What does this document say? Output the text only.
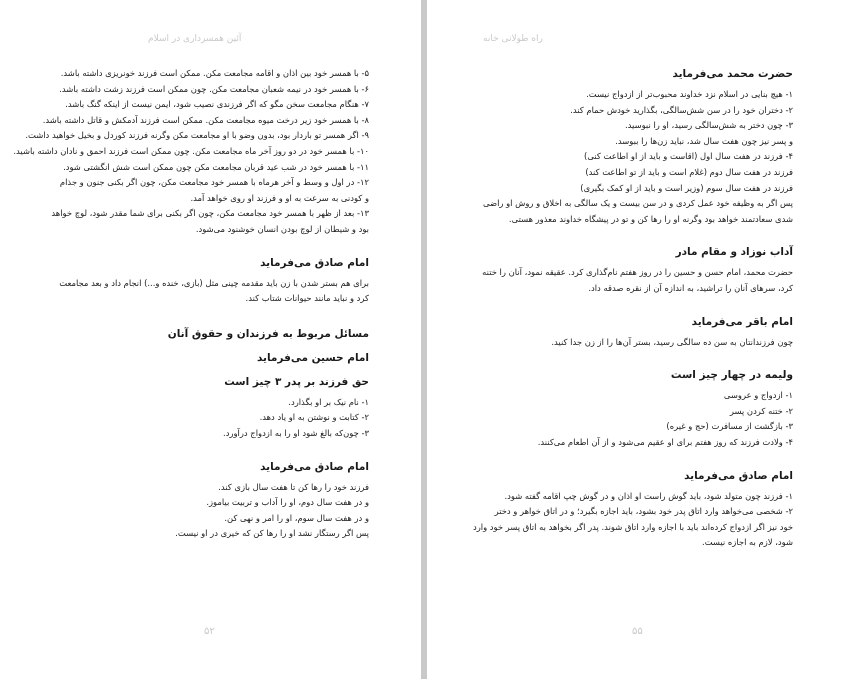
آئین همسرداری در اسلام
۵۲

۵- با همسر خود بین اذان و اقامه مجامعت مکن. ممکن است فرزند خونریزی داشته باشد.

۶- با همسر خود در نیمه شعبان مجامعت مکن. چون ممکن است فرزند زشت داشته باشد.

۷- هنگام مجامعت سخن مگو که اگر فرزندی نصیب شود، ایمن نیست از اینکه گنگ باشد.

۸- با همسر خود زیر درخت میوه مجامعت مکن. ممکن است فرزند آدمکش و قاتل داشته باشد.

۹- اگر همسر تو باردار بود، بدون وضو با او مجامعت مکن وگرنه فرزند کوردل و بخیل خواهید داشت.

۱۰- با همسر خود در دو روز آخر ماه مجامعت مکن. چون ممکن است فرزند احمق و نادان داشته باشید.

۱۱- با همسر خود در شب عید قربان مجامعت مکن چون ممکن است شش انگشتی شود.

۱۲- در اول و وسط و آخر هرماه با همسر خود مجامعت مکن، چون اگر بکنی جنون و جذام

و کودنی به سرعت به او و فرزند او روی خواهد آمد.

۱۳- بعد از ظهر با همسر خود مجامعت مکن، چون اگر بکنی برای شما مقدر شود، لوچ خواهد

بود و شیطان از لوچ بودن انسان خوشنود می‌شود.

امام صادق می‌فرماید

برای هم بستر شدن با زن باید مقدمه چینی مثل (بازی، خنده و...) انجام داد و بعد مجامعت

کرد و نباید مانند حیوانات شتاب کند.

مسائل مربوط به فرزندان و حقوق آنان

امام حسین می‌فرماید

حق فرزند بر پدر ۳ چیز است

۱- نام نیک بر او بگذارد.

۲- کتابت و نوشتن به او یاد دهد.

۳- چون‌که بالغ شود او را به ازدواج درآورد.

امام صادق می‌فرماید

فرزند خود را رها کن تا هفت سال بازی کند.

و در هفت سال دوم، او را آداب و تربیت بیاموز.

و در هفت سال سوم، او را امر و نهی کن.

پس اگر رستگار نشد او را رها کن که خیری در او نیست.

راه طولانی خانه
۵۵

حضرت محمد می‌فرماید

۱- هیچ بنایی در اسلام نزد خداوند محبوب‌تر از ازدواج نیست.

۲- دختران خود را در سن شش‌سالگی، بگذارید خودش حمام کند.

۳- چون دختر به شش‌سالگی رسید، او را نبوسید.

و پسر نیز چون هفت سال شد، نباید زن‌ها را ببوسد.

۴- فرزند در هفت سال اول (اقاست و باید از او اطاعت کنی)

فرزند در هفت سال دوم (غلام است و باید از تو اطاعت کند)

فرزند در هفت سال سوم (وزیر است و باید از او کمک بگیری)

پس اگر به وظیفه خود عمل کردی و در سن بیست و یک سالگی به اخلاق و روش او راضی

شدی سعادتمند خواهد بود وگرنه او را رها کن و تو در پیشگاه خداوند معذور هستی.

آداب نوزاد و مقام مادر

حضرت محمد، امام حسن و حسین را در روز هفتم نام‌گذاری کرد. عقیقه نمود، آنان را ختنه

کرد، سرهای آنان را تراشید، به اندازه آن از نقره صدقه داد.

امام باقر می‌فرماید

چون فرزندانتان به سن ده سالگی رسید، بستر آن‌ها را از زن جدا کنید.

ولیمه در چهار چیز است

۱- ازدواج و عروسی

۲- ختنه کردن پسر

۳- بازگشت از مسافرت (حج و غیره)

۴- ولادت فرزند که روز هفتم برای او عقیم می‌شود و از آن اطعام می‌کنند.

امام صادق می‌فرماید

۱- فرزند چون متولد شود، باید گوش راست او اذان و در گوش چپ اقامه گفته شود.

۲- شخصی می‌خواهد وارد اتاق پدر خود بشود، باید اجازه بگیرد؛ و در اتاق خواهر و دختر

خود نیز اگر ازدواج کرده‌اند باید با اجازه وارد اتاق شوند. پدر اگر بخواهد به اتاق پسر خود وارد

شود، لازم به اجازه نیست.
